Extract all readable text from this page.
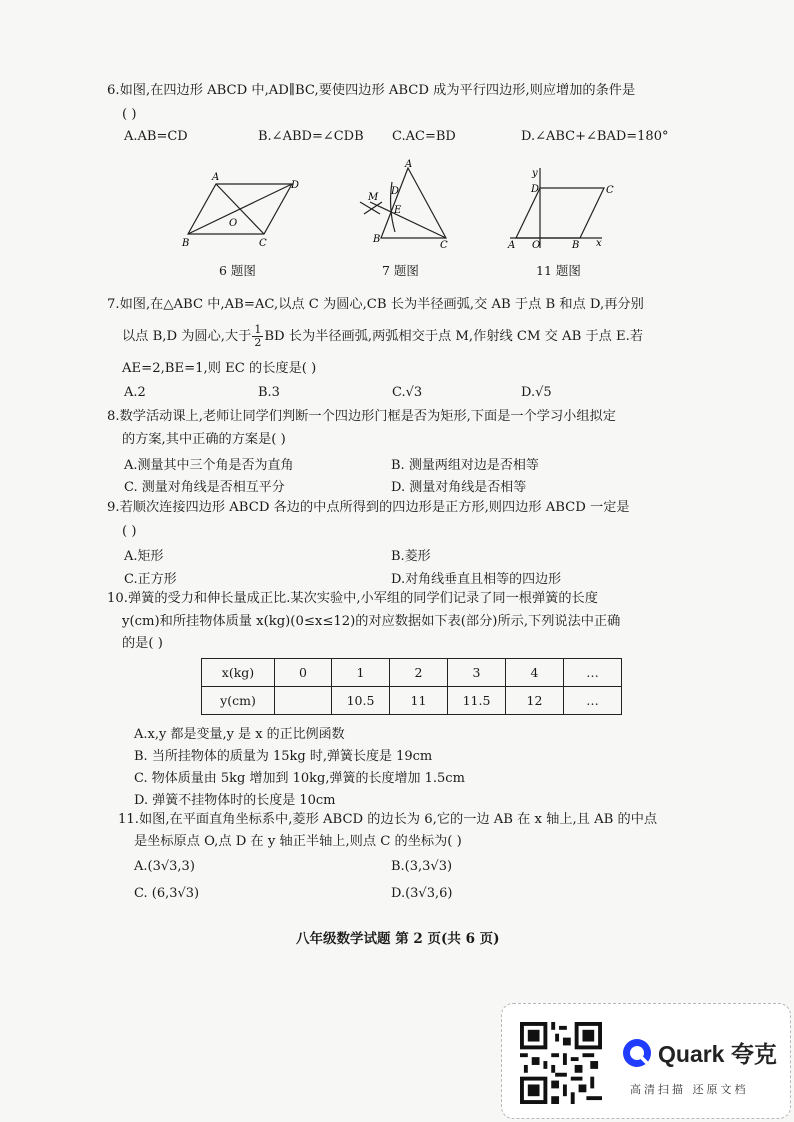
6.如图,在四边形 ABCD 中,AD∥BC,要使四边形 ABCD 成为平行四边形,则应增加的条件是
( )
A.AB=CD	B.∠ABD=∠CDB C.AC=BD	D.∠ABC+∠BAD=180°
A
D
B	C
O
A
D
E
M
B
C
y
x
D	C
A O	B
6 题图	7 题图	11 题图
7.如图,在△ABC 中,AB=AC,以点 C 为圆心,CB 长为半径画弧,交 AB 于点 B 和点 D,再分别
以点 B,D 为圆心,大于 $\frac{1}{2}$ BD 长为半径画弧,两弧相交于点 M,作射线 CM 交 AB 于点 E.若
AE=2,BE=1,则 EC 的长度是( )
A.2	B.3	C.√3	D.√5
8.数学活动课上,老师让同学们判断一个四边形门框是否为矩形,下面是一个学习小组拟定
的方案,其中正确的方案是( )
A.测量其中三个角是否为直角	B. 测量两组对边是否相等
C. 测量对角线是否相互平分	D. 测量对角线是否相等
9.若顺次连接四边形 ABCD 各边的中点所得到的四边形是正方形,则四边形 ABCD 一定是
( )
A.矩形	B.菱形
C.正方形	D.对角线垂直且相等的四边形
10.弹簧的受力和伸长量成正比.某次实验中,小军组的同学们记录了同一根弹簧的长度
y(cm)和所挂物体质量 x(kg)(0≤x≤12)的对应数据如下表(部分)所示,下列说法中正确
的是( )
x(kg)	0	1	2	3	4	…
y(cm)		10.5	11	11.5	12	…
A.x,y 都是变量,y 是 x 的正比例函数
B. 当所挂物体的质量为 15kg 时,弹簧长度是 19cm
C. 物体质量由 5kg 增加到 10kg,弹簧的长度增加 1.5cm
D. 弹簧不挂物体时的长度是 10cm
11.如图,在平面直角坐标系中,菱形 ABCD 的边长为 6,它的一边 AB 在 x 轴上,且 AB 的中点
是坐标原点 O,点 D 在 y 轴正半轴上,则点 C 的坐标为( )
A.(3√3,3)	B.(3,3√3)
C. (6,3√3)	D.(3√3,6)
八年级数学试题 第 2 页(共 6 页)
Quark 夸克
高清扫描 还原文档
